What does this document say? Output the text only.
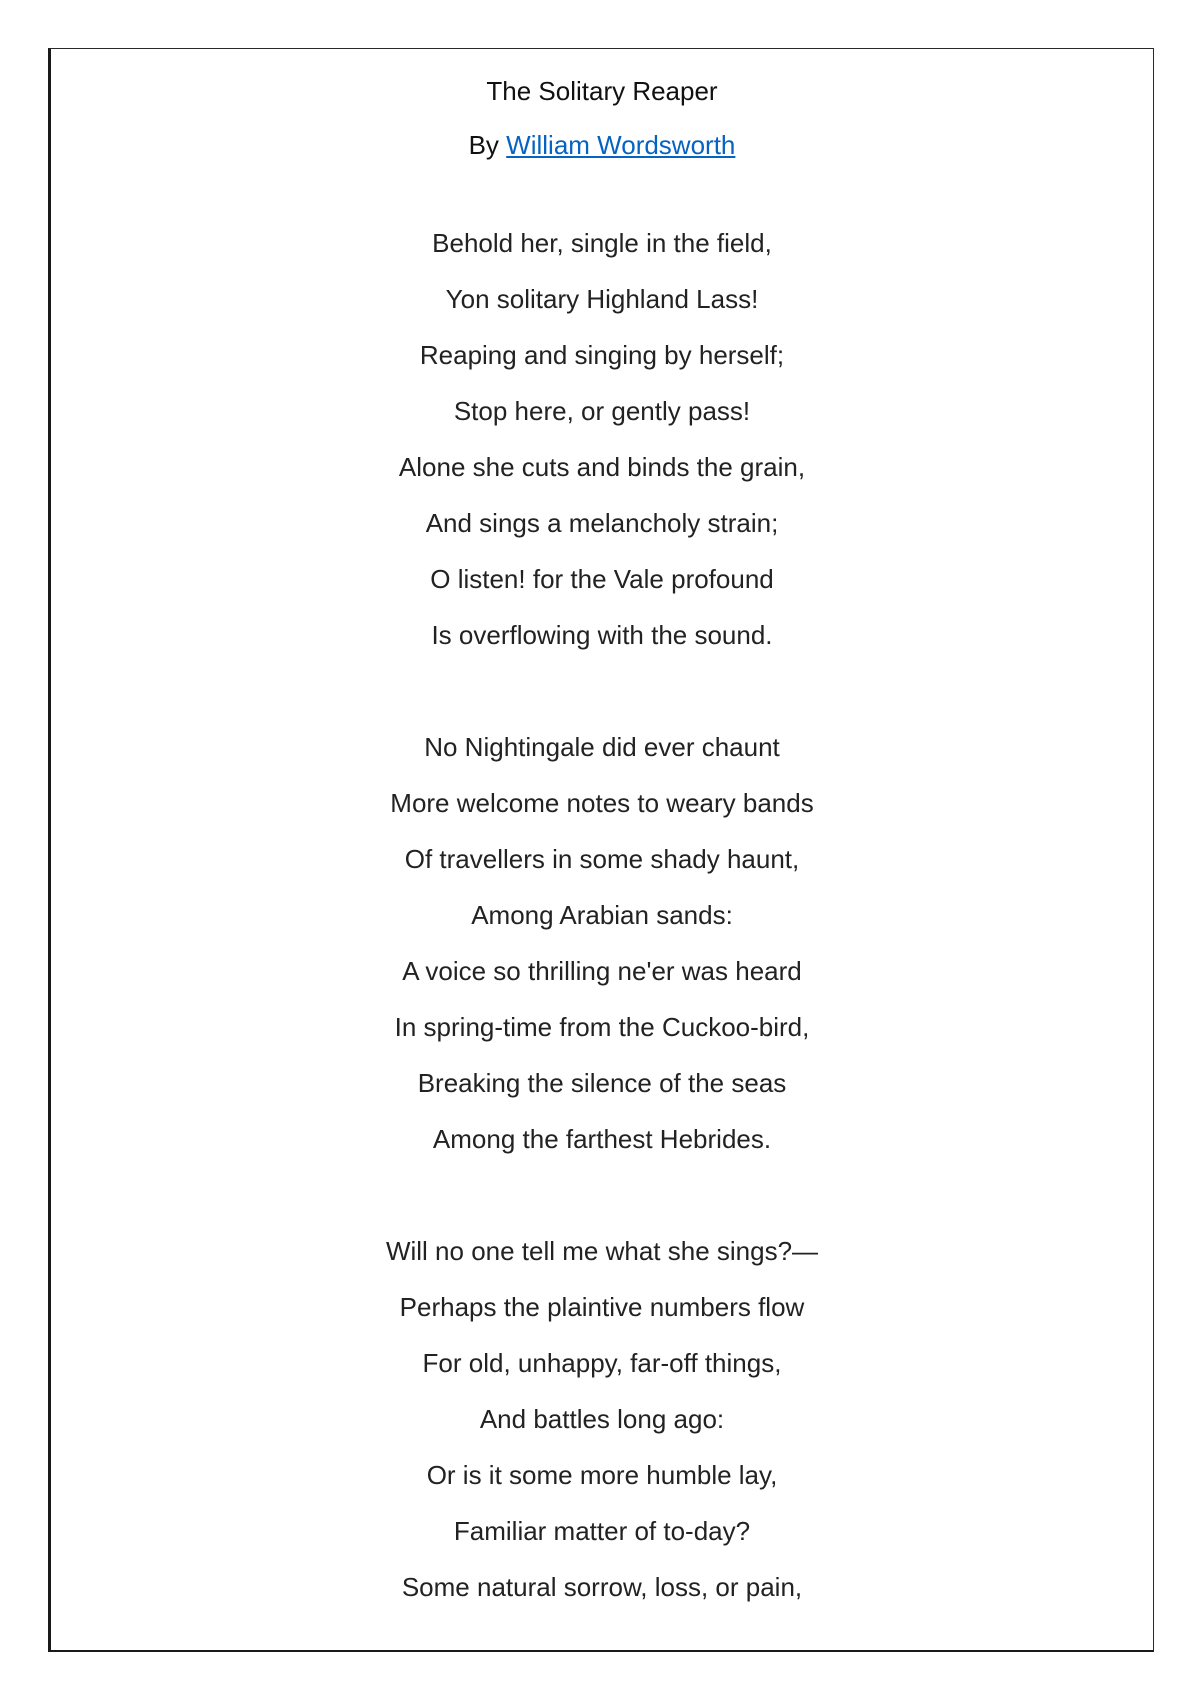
The Solitary Reaper
By William Wordsworth
Behold her, single in the field,
Yon solitary Highland Lass!
Reaping and singing by herself;
Stop here, or gently pass!
Alone she cuts and binds the grain,
And sings a melancholy strain;
O listen! for the Vale profound
Is overflowing with the sound.
No Nightingale did ever chaunt
More welcome notes to weary bands
Of travellers in some shady haunt,
Among Arabian sands:
A voice so thrilling ne'er was heard
In spring-time from the Cuckoo-bird,
Breaking the silence of the seas
Among the farthest Hebrides.
Will no one tell me what she sings?—
Perhaps the plaintive numbers flow
For old, unhappy, far-off things,
And battles long ago:
Or is it some more humble lay,
Familiar matter of to-day?
Some natural sorrow, loss, or pain,
